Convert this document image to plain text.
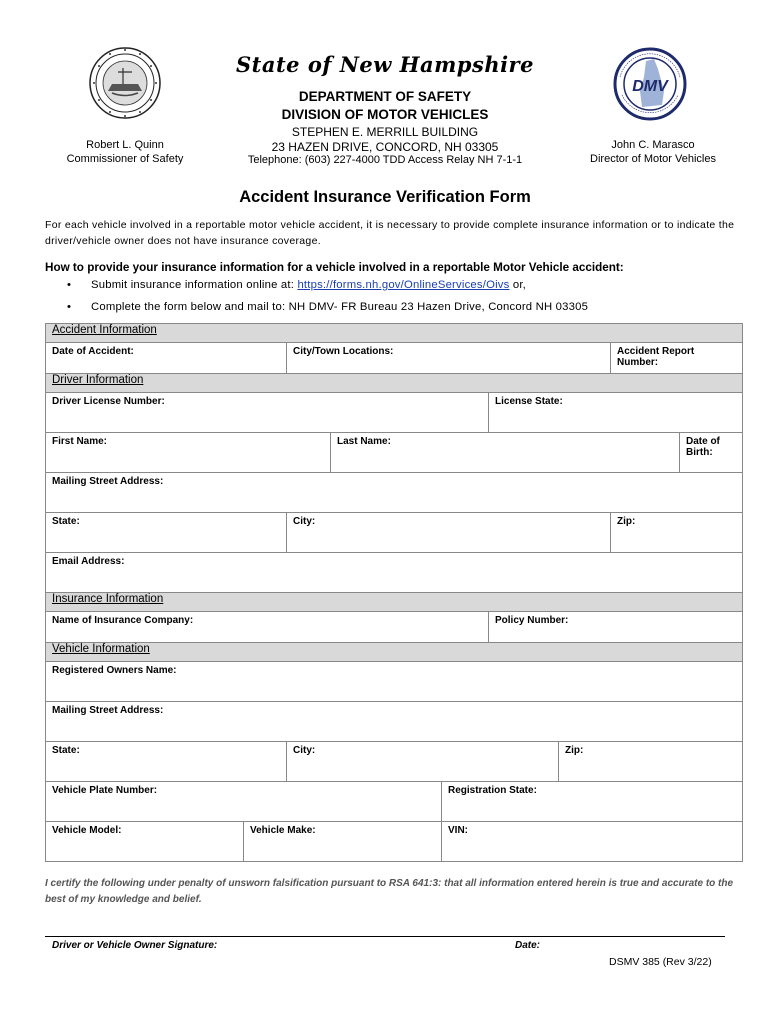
DMV
State of New Hampshire
DEPARTMENT OF SAFETY
DIVISION OF MOTOR VEHICLES
STEPHEN E. MERRILL BUILDING
23 HAZEN DRIVE, CONCORD, NH 03305
Telephone: (603) 227-4000 TDD Access Relay NH 7-1-1
Robert L. Quinn
Commissioner of Safety
John C. Marasco
Director of Motor Vehicles
Accident Insurance Verification Form
For each vehicle involved in a reportable motor vehicle accident, it is necessary to provide complete insurance information or to indicate the driver/vehicle owner does not have insurance coverage.
How to provide your insurance information for a vehicle involved in a reportable Motor Vehicle accident:
• Submit insurance information online at: https://forms.nh.gov/OnlineServices/Oivs or,
• Complete the form below and mail to: NH DMV- FR Bureau 23 Hazen Drive, Concord NH 03305
Accident Information								
Date of Accident:		City/Town Locations:					Accident Report Number:	
Driver Information								
Driver License Number:					License State:			
First Name:			Last Name:					Date of Birth:
Mailing Street Address:								
State:		City:					Zip:	
Email Address:								
Insurance Information								
Name of Insurance Company:					Policy Number:			
Vehicle Information								
Registered Owners Name:								
Mailing Street Address:								
State:		City:				Zip:		
Vehicle Plate Number:				Registration State:				
Vehicle Model:	Vehicle Make:			VIN:				
I certify the following under penalty of unsworn falsification pursuant to RSA 641:3: that all information entered herein is true and accurate to the best of my knowledge and belief.
Driver or Vehicle Owner Signature:	Date:
DSMV 385 (Rev 3/22)
